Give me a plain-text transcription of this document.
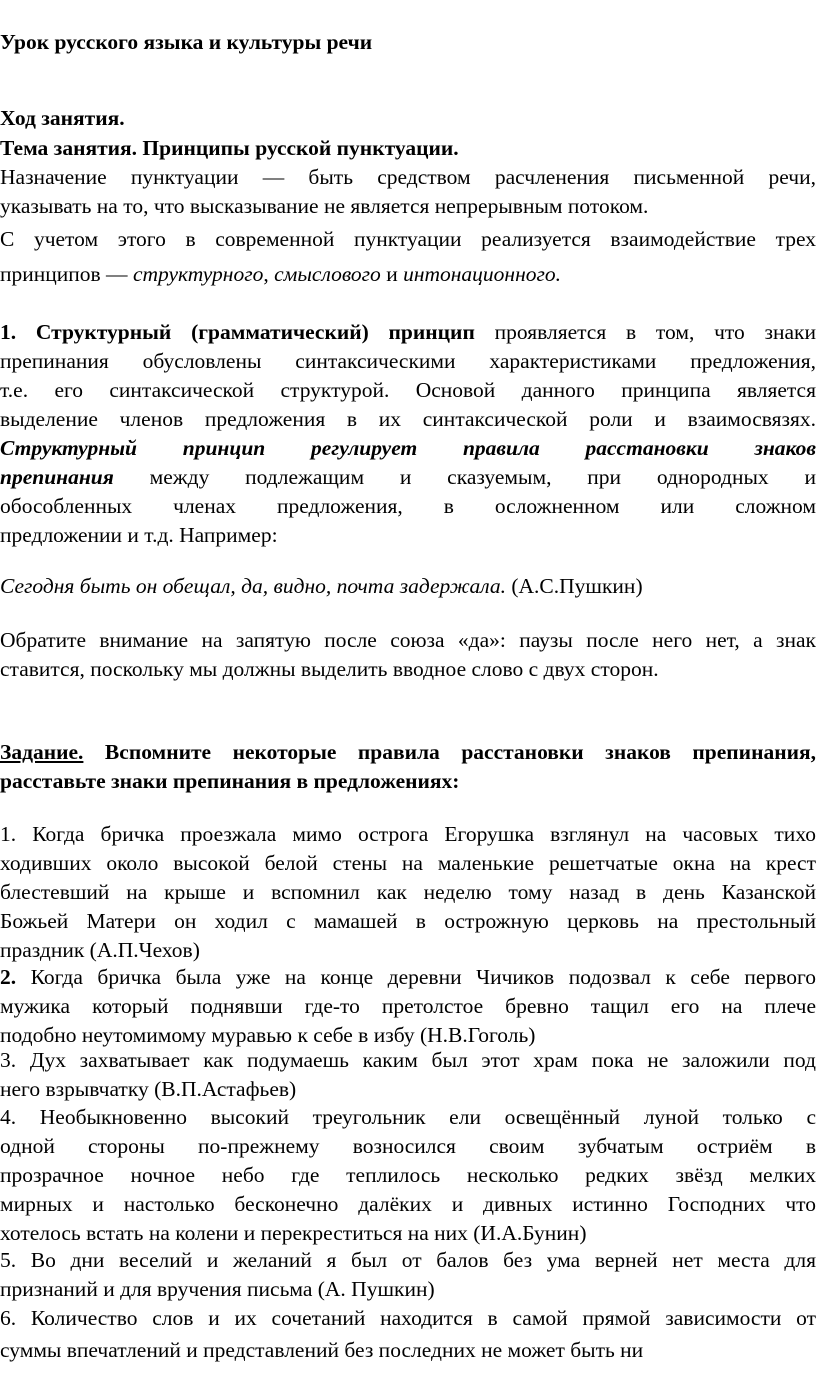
Урок русского языка и культуры речи
Ход занятия.
Тема занятия. Принципы русской пунктуации.
Назначение пунктуации — быть средством расчленения письменной речи,
указывать на то, что высказывание не является непрерывным потоком.
С учетом этого в современной пунктуации реализуется взаимодействие трех
принципов — структурного, смыслового и интонационного.
1. Структурный (грамматический) принцип проявляется в том, что знаки
препинания обусловлены синтаксическими характеристиками предложения,
т.е. его синтаксической структурой. Основой данного принципа является
выделение членов предложения в их синтаксической роли и взаимосвязях.
Структурный принцип регулирует правила расстановки знаков
препинания между подлежащим и сказуемым, при однородных и
обособленных членах предложения, в осложненном или сложном
предложении и т.д. Например:
Сегодня быть он обещал, да, видно, почта задержала. (А.С.Пушкин)
Обратите внимание на запятую после союза «да»: паузы после него нет, а знак
ставится, поскольку мы должны выделить вводное слово с двух сторон.
Задание. Вспомните некоторые правила расстановки знаков препинания,
расставьте знаки препинания в предложениях:
1. Когда бричка проезжала мимо острога Егорушка взглянул на часовых тихо
ходивших около высокой белой стены на маленькие решетчатые окна на крест
блестевший на крыше и вспомнил как неделю тому назад в день Казанской
Божьей Матери он ходил с мамашей в острожную церковь на престольный
праздник (А.П.Чехов)
2. Когда бричка была уже на конце деревни Чичиков подозвал к себе первого
мужика который поднявши где-то претолстое бревно тащил его на плече
подобно неутомимому муравью к себе в избу (Н.В.Гоголь)
3. Дух захватывает как подумаешь каким был этот храм пока не заложили под
него взрывчатку (В.П.Астафьев)
4. Необыкновенно высокий треугольник ели освещённый луной только с
одной стороны по-прежнему возносился своим зубчатым остриём в
прозрачное ночное небо где теплилось несколько редких звёзд мелких
мирных и настолько бесконечно далёких и дивных истинно Господних что
хотелось встать на колени и перекреститься на них (И.А.Бунин)
5. Во дни веселий и желаний я был от балов без ума верней нет места для
признаний и для вручения письма (А. Пушкин)
6. Количество слов и их сочетаний находится в самой прямой зависимости от
суммы впечатлений и представлений без последних не может быть ни
